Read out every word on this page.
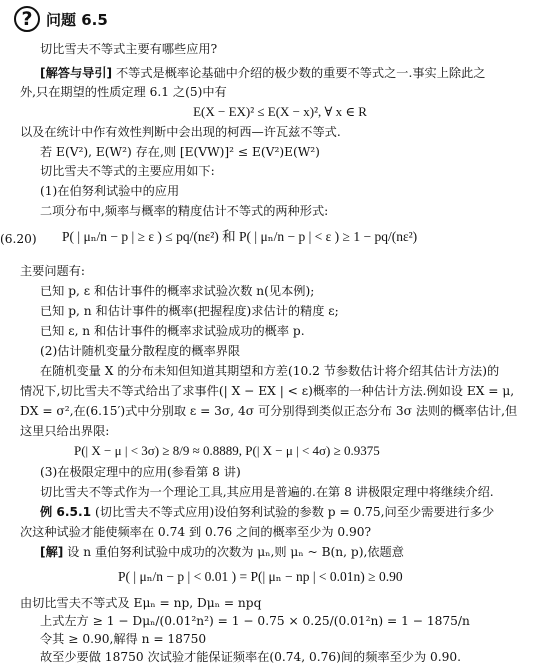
? 问题 6.5
切比雪夫不等式主要有哪些应用?
[解答与导引] 不等式是概率论基础中介绍的极少数的重要不等式之一.事实上除此之
外,只在期望的性质定理 6.1 之(5)中有
E(X − EX)² ≤ E(X − x)², ∀ x ∈ R
以及在统计中作有效性判断中会出现的柯西—许瓦兹不等式.
若 E(V²), E(W²) 存在,则 [E(VW)]² ≤ E(V²)E(W²)
切比雪夫不等式的主要应用如下:
(1)在伯努利试验中的应用
二项分布中,频率与概率的精度估计不等式的两种形式:
P( | μₙ/n − p | ≥ ε ) ≤ pq/(nε²) 和 P( | μₙ/n − p | < ε ) ≥ 1 − pq/(nε²)
(6.20)
主要问题有:
已知 p, ε 和估计事件的概率求试验次数 n(见本例);
已知 p, n 和估计事件的概率(把握程度)求估计的精度 ε;
已知 ε, n 和估计事件的概率求试验成功的概率 p.
(2)估计随机变量分散程度的概率界限
在随机变量 X 的分布未知但知道其期望和方差(10.2 节参数估计将介绍其估计方法)的
情况下,切比雪夫不等式给出了求事件(| X − EX | < ε)概率的一种估计方法.例如设 EX = μ,
DX = σ²,在(6.15′)式中分别取 ε = 3σ, 4σ 可分别得到类似正态分布 3σ 法则的概率估计,但
这里只给出界限:
P(| X − μ | < 3σ) ≥ 8/9 ≈ 0.8889, P(| X − μ | < 4σ) ≥ 0.9375
(3)在极限定理中的应用(参看第 8 讲)
切比雪夫不等式作为一个理论工具,其应用是普遍的.在第 8 讲极限定理中将继续介绍.
例 6.5.1 (切比雪夫不等式应用)设伯努利试验的参数 p = 0.75,问至少需要进行多少
次这种试验才能使频率在 0.74 到 0.76 之间的概率至少为 0.90?
[解] 设 n 重伯努利试验中成功的次数为 μₙ,则 μₙ ~ B(n, p),依题意
P( | μₙ/n − p | < 0.01 ) = P(| μₙ − np | < 0.01n) ≥ 0.90
由切比雪夫不等式及 Eμₙ = np, Dμₙ = npq
上式左方 ≥ 1 − Dμₙ/(0.01²n²) = 1 − 0.75 × 0.25/(0.01²n) = 1 − 1875/n
令其 ≥ 0.90,解得 n = 18750
故至少要做 18750 次试验才能保证频率在(0.74, 0.76)间的频率至少为 0.90.
